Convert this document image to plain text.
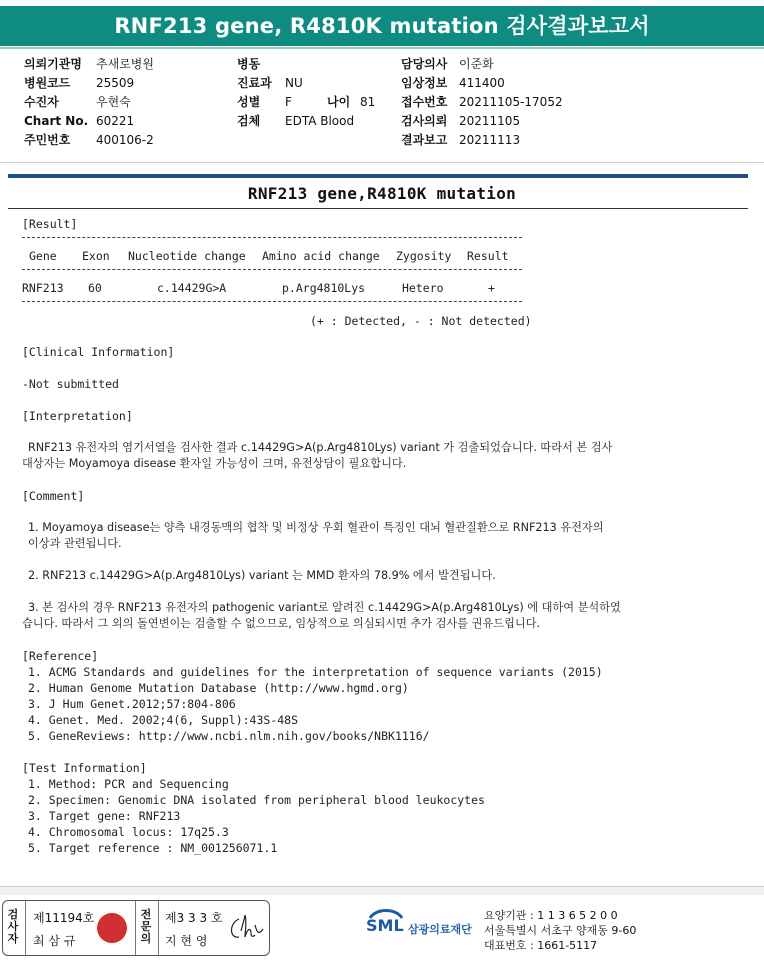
RNF213 gene, R4810K mutation 검사결과보고서
의뢰기관명 추새로병원
병원코드 25509
수진자	우현숙
Chart No. 60221
주민번호 400106-2
병동
진료과 NU
성별 F	나이 81
검체 EDTA Blood
담당의사 이준화
임상정보 411400
접수번호 20211105-17052
검사의뢰 20211105
결과보고 20211113
RNF213 gene,R4810K mutation
[Result]
Gene Exon Nucleotide change Amino acid change Zygosity Result
RNF213 60	c.14429G>A	p.Arg4810Lys	Hetero	+
(+ : Detected, - : Not detected)
[Clinical Information]
-Not submitted
[Interpretation]
RNF213 유전자의 염기서열을 검사한 결과 c.14429G>A(p.Arg4810Lys) variant 가 검출되었습니다. 따라서 본 검사
대상자는 Moyamoya disease 환자일 가능성이 크며, 유전상담이 필요합니다.
[Comment]
1. Moyamoya disease는 양측 내경동맥의 협착 및 비정상 우회 혈관이 특징인 대뇌 혈관질환으로 RNF213 유전자의
이상과 관련됩니다.
2. RNF213 c.14429G>A(p.Arg4810Lys) variant 는 MMD 환자의 78.9% 에서 발견됩니다.
3. 본 검사의 경우 RNF213 유전자의 pathogenic variant로 알려진 c.14429G>A(p.Arg4810Lys) 에 대하여 분석하였
습니다. 따라서 그 외의 돌연변이는 검출할 수 없으므로, 임상적으로 의심되시면 추가 검사를 권유드립니다.
[Reference]
1. ACMG Standards and guidelines for the interpretation of sequence variants (2015)
2. Human Genome Mutation Database (http://www.hgmd.org)
3. J Hum Genet.2012;57:804-806
4. Genet. Med. 2002;4(6, Suppl):43S-48S
5. GeneReviews: http://www.ncbi.nlm.nih.gov/books/NBK1116/
[Test Information]
1. Method: PCR and Sequencing
2. Specimen: Genomic DNA isolated from peripheral blood leukocytes
3. Target gene: RNF213
4. Chromosomal locus: 17q25.3
5. Target reference : NM_001256071.1
검
사
자
제11194호
최 삼 규
전
문
의
제3 3 3 호
지 현 영
SML 삼광의료재단
요양기관 : 1 1 3 6 5 2 0 0
서울특별시 서초구 양재동 9-60
대표번호 : 1661-5117
